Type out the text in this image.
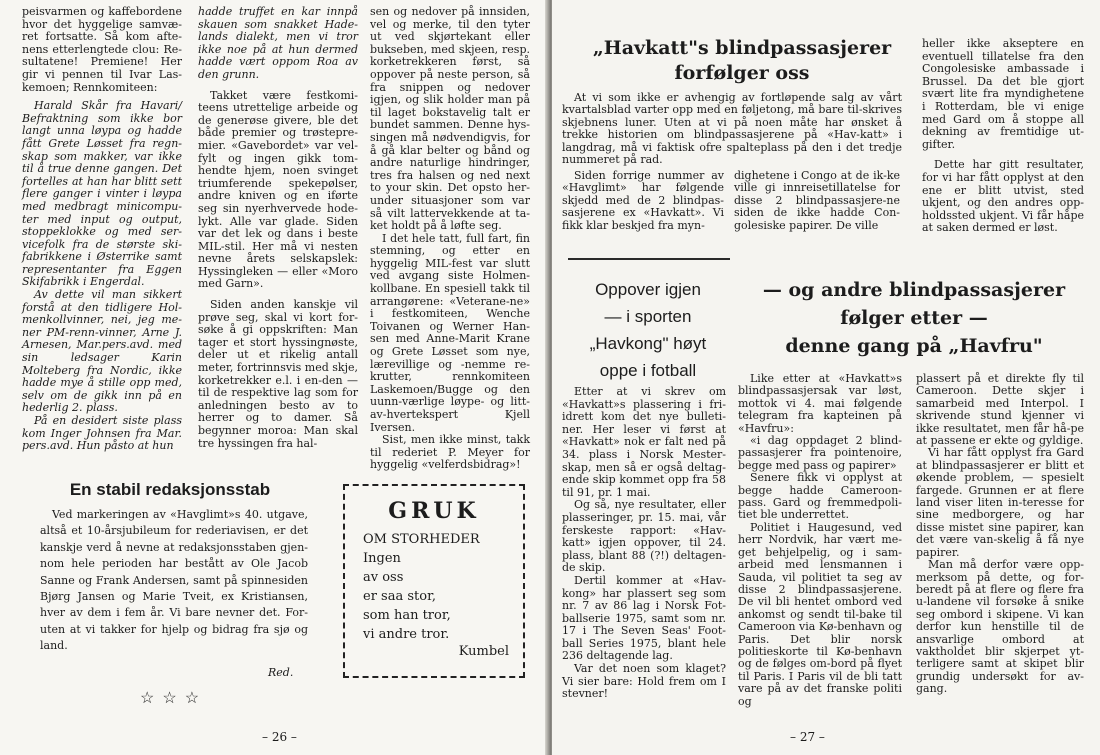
peisvarmen og kaffebordene hvor det hyggelige samvæ-ret fortsatte. Så kom afte-nens etterlengtede clou: Re-sultatene! Premiene! Her gir vi pennen til Ivar Las-kemoen; Rennkomiteen:

Harald Skår fra Havari/ Befraktning som ikke bor langt unna løypa og hadde fått Grete Løsset fra regn-skap som makker, var ikke til å true denne gangen. Det fortelles at han har blitt sett flere ganger i vinter i løypa med medbragt minicompu-ter med input og output, stoppeklokke og med ser-vicefolk fra de største ski-fabrikkene i Østerrike samt representanter fra Eggen Skifabrikk i Engerdal.

Av dette vil man sikkert forstå at den tidligere Hol-menkollvinner, nei, jeg me-ner PM-renn-vinner, Arne J. Arnesen, Mar.pers.avd. med sin ledsager Karin Molteberg fra Nordic, ikke hadde mye å stille opp med, selv om de gikk inn på en hederlig 2. plass.

På en desidert siste plass kom Inger Johnsen fra Mar. pers.avd. Hun påsto at hun

hadde truffet en kar innpå skauen som snakket Hade-lands dialekt, men vi tror ikke noe på at hun dermed hadde vært oppom Roa av den grunn.

Takket være festkomi-teens utrettelige arbeide og de generøse givere, ble det både premier og trøstepre-mier. «Gavebordet» var vel-fylt og ingen gikk tom-hendte hjem, noen svinget triumferende spekepølser, andre kniven og en iførte seg sin nyerhvervede hode-lykt. Alle var glade. Siden var det lek og dans i beste MIL-stil. Her må vi nesten nevne årets selskapslek: Hyssingleken — eller «Moro med Garn».

Siden anden kanskje vil prøve seg, skal vi kort for-søke å gi oppskriften: Man tager et stort hyssingnøste, deler ut et rikelig antall meter, fortrinnsvis med skje, korketrekker e.l. i en-den — til de respektive lag som for anledningen besto av to herrer og to damer. Så begynner moroa: Man skal tre hyssingen fra hal-

sen og nedover på innsiden, vel og merke, til den tyter ut ved skjørtekant eller bukseben, med skjeen, resp. korketrekkeren først, så oppover på neste person, så fra snippen og nedover igjen, og slik holder man på til laget bokstavelig talt er bundet sammen. Denne hys-singen må nødvendigvis, for å gå klar belter og bånd og andre naturlige hindringer, tres fra halsen og ned next to your skin. Det opsto her-under situasjoner som var så vilt lattervekkende at ta-ket holdt på å løfte seg.

I det hele tatt, full fart, fin stemning, og etter en hyggelig MIL-fest var slutt ved avgang siste Holmen-kollbane. En spesiell takk til arrangørene: «Veterane-ne» i festkomiteen, Wenche Toivanen og Werner Han-sen med Anne-Marit Krane og Grete Løsset som nye, lærevillige og -nemme re-krutter, rennkomiteen Laskemoen/Bugge og den uunn-værlige løype- og litt-av-hvertekspert Kjell Iversen.

Sist, men ikke minst, takk til rederiet P. Meyer for hyggelig «velferdsbidrag»!

En stabil redaksjonsstab

Ved markeringen av «Havglimt»s 40. utgave, altså et 10-årsjubileum for rederiavisen, er det kanskje verd å nevne at redaksjonsstaben gjen-nom hele perioden har bestått av Ole Jacob Sanne og Frank Andersen, samt på spinnesiden Bjørg Jansen og Marie Tveit, ex Kristiansen, hver av dem i fem år. Vi bare nevner det. For-uten at vi takker for hjelp og bidrag fra sjø og land.

Red.
☆☆☆
GRUK
OM STORHEDER
Ingen
av oss
er saa stor,
som han tror,
vi andre tror.
Kumbel
– 26 –
„Havkatt"s blindpassasjerer
forfølger oss

At vi som ikke er avhengig av fortløpende salg av vårt kvartalsblad varter opp med en føljetong, må bare til-skrives skjebnens luner. Uten at vi på noen måte har ønsket å trekke historien om blindpassasjerene på «Hav-katt» i langdrag, må vi faktisk ofre spalteplass på den i det tredje nummeret på rad.

Siden forrige nummer av «Havglimt» har følgende skjedd med de 2 blindpas-sasjerene ex «Havkatt». Vi fikk klar beskjed fra myn-

dighetene i Congo at de ik-ke ville gi innreisetillatelse for disse 2 blindpassasjere-ne siden de ikke hadde Con-golesiske papirer. De ville

heller ikke akseptere en eventuell tillatelse fra den Congolesiske ambassade i Brussel. Da det ble gjort svært lite fra myndighetene i Rotterdam, ble vi enige med Gard om å stoppe all dekning av fremtidige ut-gifter.

Dette har gitt resultater, for vi har fått opplyst at den ene er blitt utvist, sted ukjent, og den andres opp-holdssted ukjent. Vi får håpe at saken dermed er løst.

Oppover igjen
— i sporten
„Havkong" høyt
oppe i fotball

Etter at vi skrev om «Havkatt»s plassering i fri-idrett kom det nye bulleti-ner. Her leser vi først at «Havkatt» nok er falt ned på 34. plass i Norsk Mester-skap, men så er også deltag-ende skip kommet opp fra 58 til 91, pr. 1 mai.

Og så, nye resultater, eller plasseringer, pr. 15. mai, vår ferskeste rapport: «Hav-katt» igjen oppover, til 24. plass, blant 88 (?!) deltagen-de skip.

Dertil kommer at «Hav-kong» har plassert seg som nr. 7 av 86 lag i Norsk Fot-ballserie 1975, samt som nr. 17 i The Seven Seas' Foot-ball Series 1975, blant hele 236 deltagende lag.

Var det noen som klaget? Vi sier bare: Hold frem om I stevner!

— og andre blindpassasjerer
følger etter —
denne gang på „Havfru"

Like etter at «Havkatt»s blindpassasjersak var løst, mottok vi 4. mai følgende telegram fra kapteinen på «Havfru»:

«i dag oppdaget 2 blind-passasjerer fra pointenoire, begge med pass og papirer»

Senere fikk vi opplyst at begge hadde Cameroon-pass. Gard og fremmedpoli-tiet ble underrettet.

Politiet i Haugesund, ved herr Nordvik, har vært me-get behjelpelig, og i sam-arbeid med lensmannen i Sauda, vil politiet ta seg av disse 2 blindpassasjerene. De vil bli hentet ombord ved ankomst og sendt til-bake til Cameroon via Kø-benhavn og Paris. Det blir norsk politieskorte til Kø-benhavn og de følges om-bord på flyet til Paris. I Paris vil de bli tatt vare på av det franske politi og

plassert på et direkte fly til Cameroon. Dette skjer i samarbeid med Interpol. I skrivende stund kjenner vi ikke resultatet, men får hå-pe at passene er ekte og gyldige.

Vi har fått opplyst fra Gard at blindpassasjerer er blitt et økende problem, — spesielt fargede. Grunnen er at flere land viser liten in-teresse for sine medborgere, og har disse mistet sine papirer, kan det være van-skelig å få nye papirer.

Man må derfor være opp-merksom på dette, og for-beredt på at flere og flere fra u-landene vil forsøke å snike seg ombord i skipene. Vi kan derfor kun henstille til de ansvarlige ombord at vaktholdet blir skjerpet yt-terligere samt at skipet blir grundig undersøkt for av-gang.

– 27 –
